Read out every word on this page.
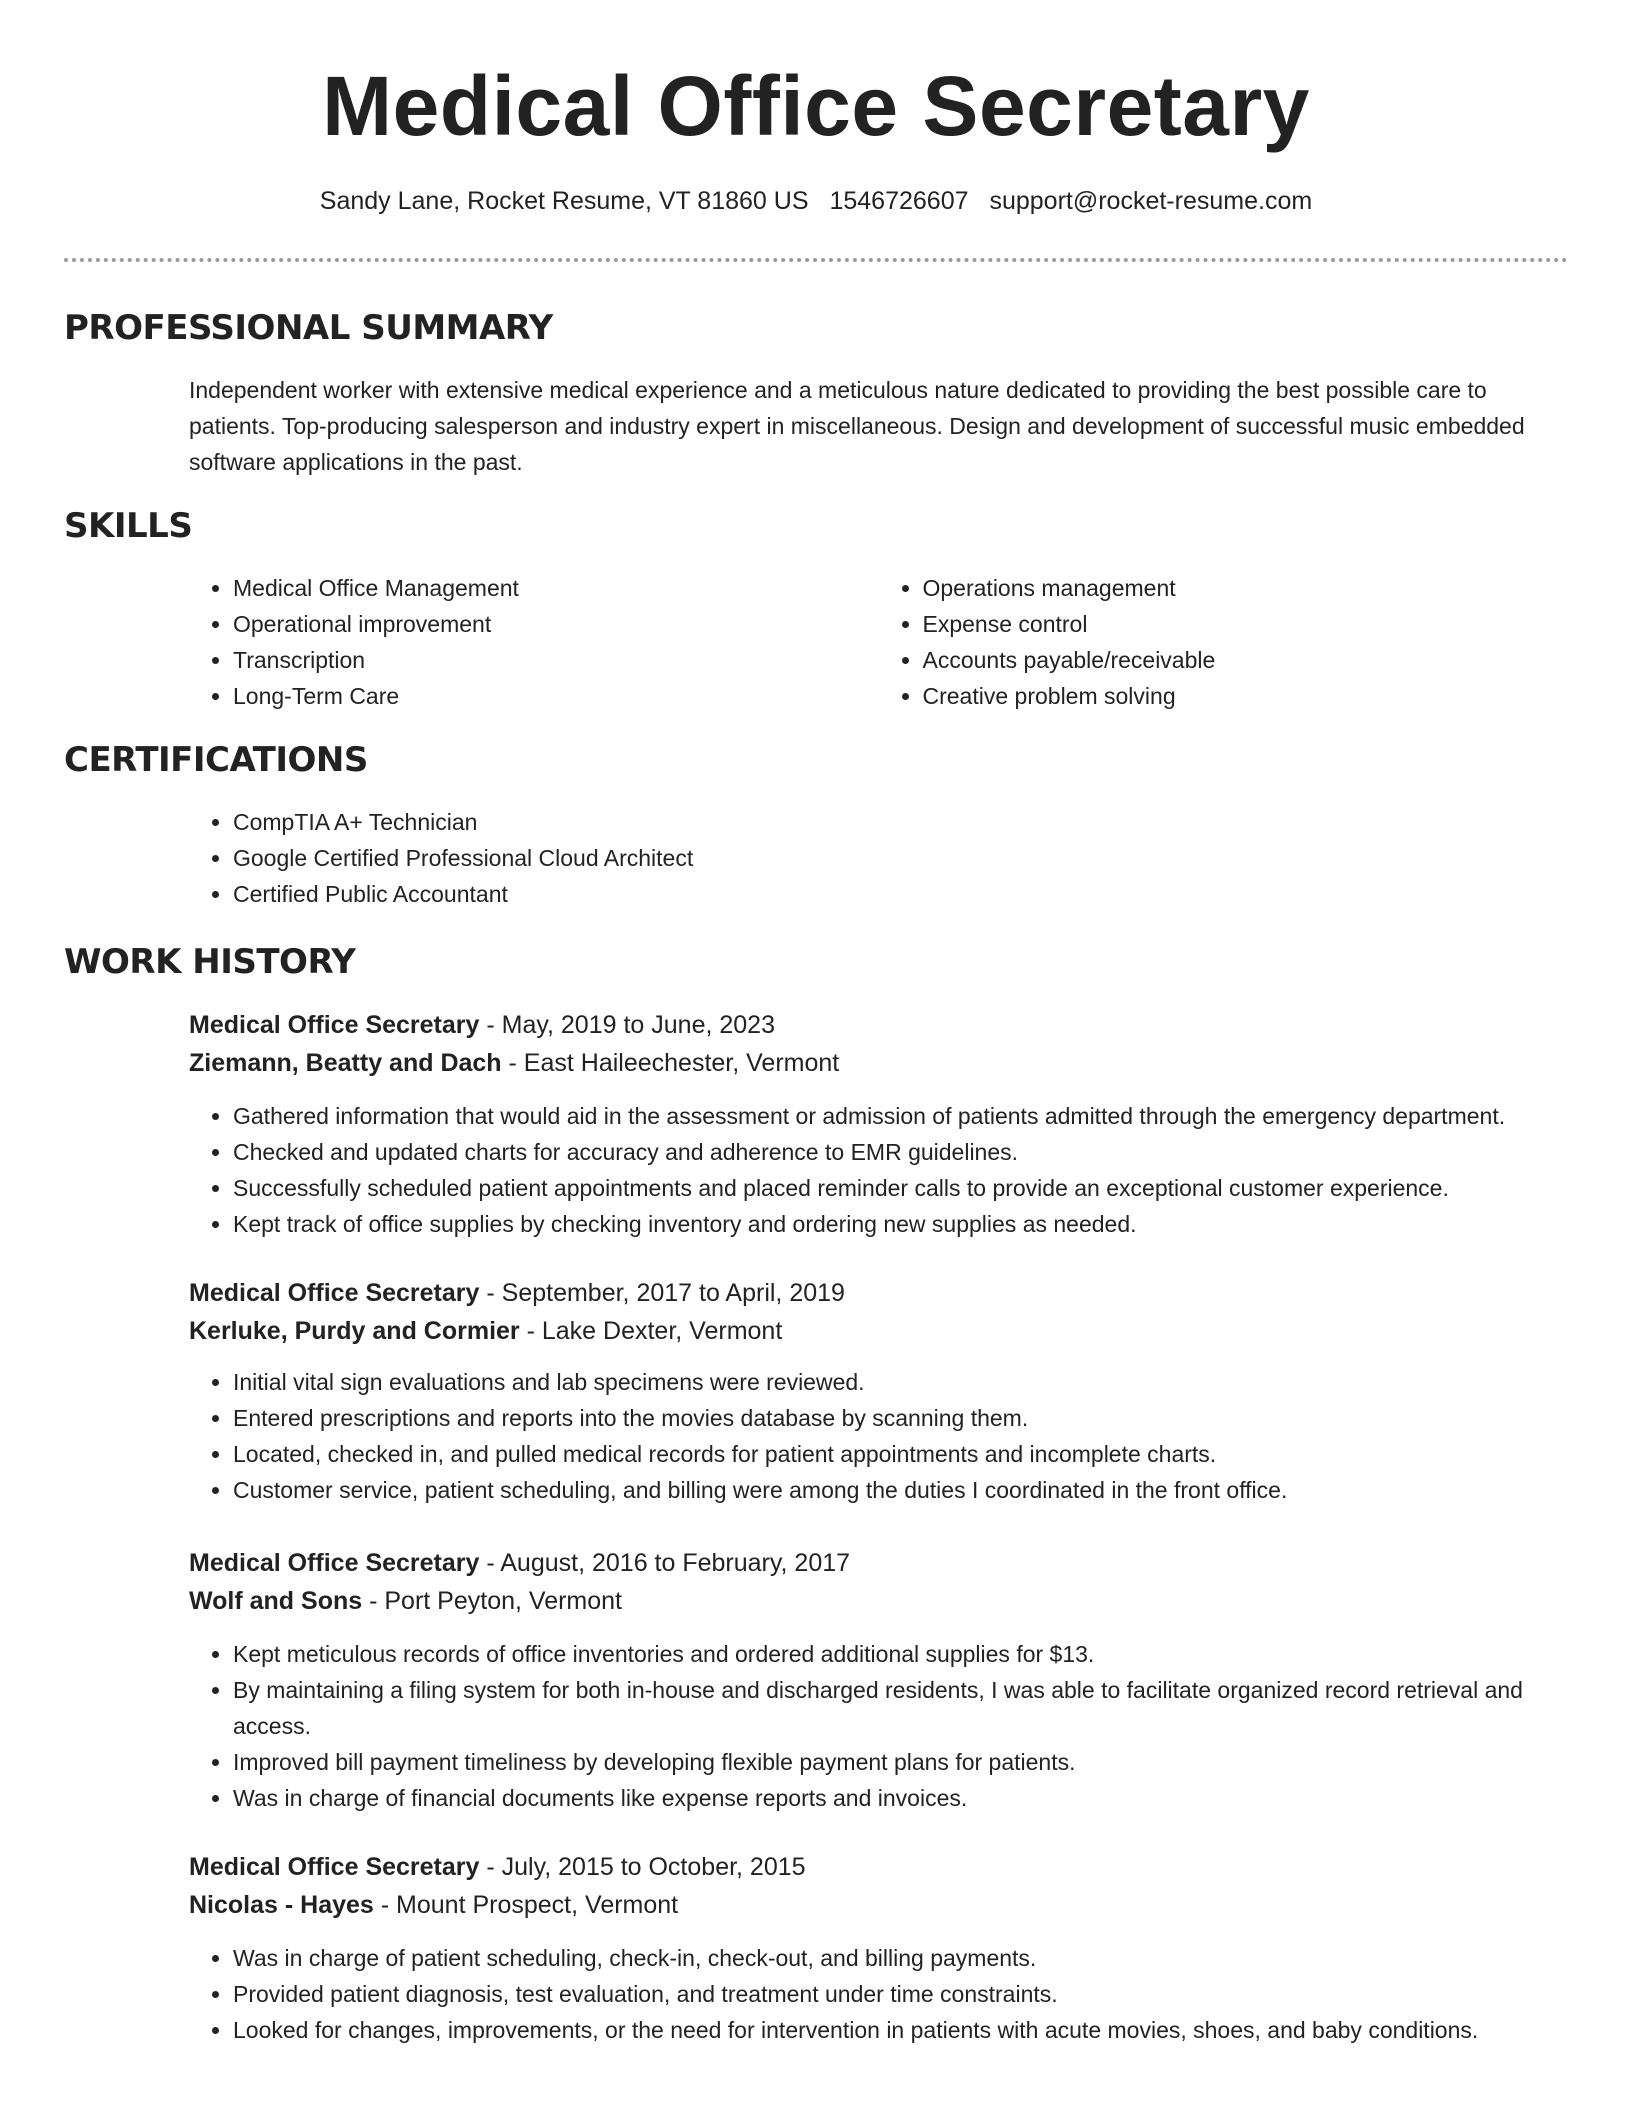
Medical Office Secretary
Sandy Lane, Rocket Resume, VT 81860 US 1546726607 support@rocket-resume.com
PROFESSIONAL SUMMARY
Independent worker with extensive medical experience and a meticulous nature dedicated to providing the best possible care to patients. Top-producing salesperson and industry expert in miscellaneous. Design and development of successful music embedded software applications in the past.
SKILLS
• Medical Office Management
• Operational improvement
• Transcription
• Long-Term Care
• Operations management
• Expense control
• Accounts payable/receivable
• Creative problem solving
CERTIFICATIONS
• CompTIA A+ Technician
• Google Certified Professional Cloud Architect
• Certified Public Accountant
WORK HISTORY
Medical Office Secretary - May, 2019 to June, 2023
Ziemann, Beatty and Dach - East Haileechester, Vermont
• Gathered information that would aid in the assessment or admission of patients admitted through the emergency department.
• Checked and updated charts for accuracy and adherence to EMR guidelines.
• Successfully scheduled patient appointments and placed reminder calls to provide an exceptional customer experience.
• Kept track of office supplies by checking inventory and ordering new supplies as needed.
Medical Office Secretary - September, 2017 to April, 2019
Kerluke, Purdy and Cormier - Lake Dexter, Vermont
• Initial vital sign evaluations and lab specimens were reviewed.
• Entered prescriptions and reports into the movies database by scanning them.
• Located, checked in, and pulled medical records for patient appointments and incomplete charts.
• Customer service, patient scheduling, and billing were among the duties I coordinated in the front office.
Medical Office Secretary - August, 2016 to February, 2017
Wolf and Sons - Port Peyton, Vermont
• Kept meticulous records of office inventories and ordered additional supplies for $13.
• By maintaining a filing system for both in-house and discharged residents, I was able to facilitate organized record retrieval and access.
• Improved bill payment timeliness by developing flexible payment plans for patients.
• Was in charge of financial documents like expense reports and invoices.
Medical Office Secretary - July, 2015 to October, 2015
Nicolas - Hayes - Mount Prospect, Vermont
• Was in charge of patient scheduling, check-in, check-out, and billing payments.
• Provided patient diagnosis, test evaluation, and treatment under time constraints.
• Looked for changes, improvements, or the need for intervention in patients with acute movies, shoes, and baby conditions.
